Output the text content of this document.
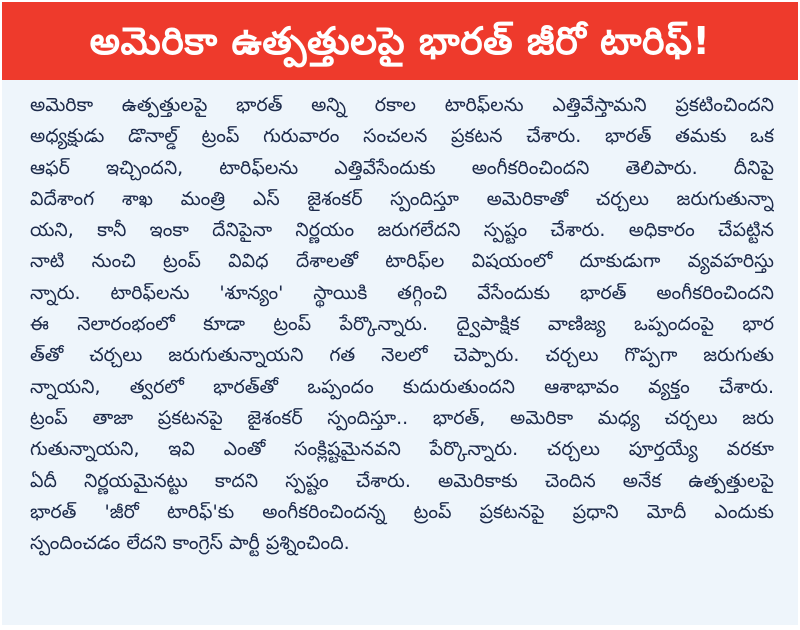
అమెరికా ఉత్పత్తులపై భారత్ జీరో టారిఫ్!
అమెరికా ఉత్పత్తులపై భారత్ అన్ని రకాల టారిఫ్‌లను ఎత్తివేస్తామని ప్రకటించిందని
అధ్యక్షుడు డొనాల్డ్ ట్రంప్ గురువారం సంచలన ప్రకటన చేశారు. భారత్ తమకు ఒక
ఆఫర్ ఇచ్చిందని, టారిఫ్‌లను ఎత్తివేసేందుకు అంగీకరించిందని తెలిపారు. దీనిపై
విదేశాంగ శాఖ మంత్రి ఎస్ జైశంకర్ స్పందిస్తూ అమెరికాతో చర్చలు జరుగుతున్నా
యని, కానీ ఇంకా దేనిపైనా నిర్ణయం జరుగలేదని స్పష్టం చేశారు. అధికారం చేపట్టిన
నాటి నుంచి ట్రంప్ వివిధ దేశాలతో టారిఫ్‌ల విషయంలో దూకుడుగా వ్యవహరిస్తు
న్నారు. టారిఫ్‌లను 'శూన్యం' స్థాయికి తగ్గించి వేసేందుకు భారత్ అంగీకరించిందని
ఈ నెలారంభంలో కూడా ట్రంప్ పేర్కొన్నారు. ద్వైపాక్షిక వాణిజ్య ఒప్పందంపై భార
త్‌తో చర్చలు జరుగుతున్నాయని గత నెలలో చెప్పారు. చర్చలు గొప్పగా జరుగుతు
న్నాయని, త్వరలో భారత్‌తో ఒప్పందం కుదురుతుందని ఆశాభావం వ్యక్తం చేశారు.
ట్రంప్ తాజా ప్రకటనపై జైశంకర్ స్పందిస్తూ.. భారత్, అమెరికా మధ్య చర్చలు జరు
గుతున్నాయని, ఇవి ఎంతో సంక్లిష్టమైనవని పేర్కొన్నారు. చర్చలు పూర్తయ్యే వరకూ
ఏదీ నిర్ణయమైనట్టు కాదని స్పష్టం చేశారు. అమెరికాకు చెందిన అనేక ఉత్పత్తులపై
భారత్ 'జీరో టారిఫ్'కు అంగీకరించిందన్న ట్రంప్ ప్రకటనపై ప్రధాని మోదీ ఎందుకు
స్పందించడం లేదని కాంగ్రెస్ పార్టీ ప్రశ్నించింది.
